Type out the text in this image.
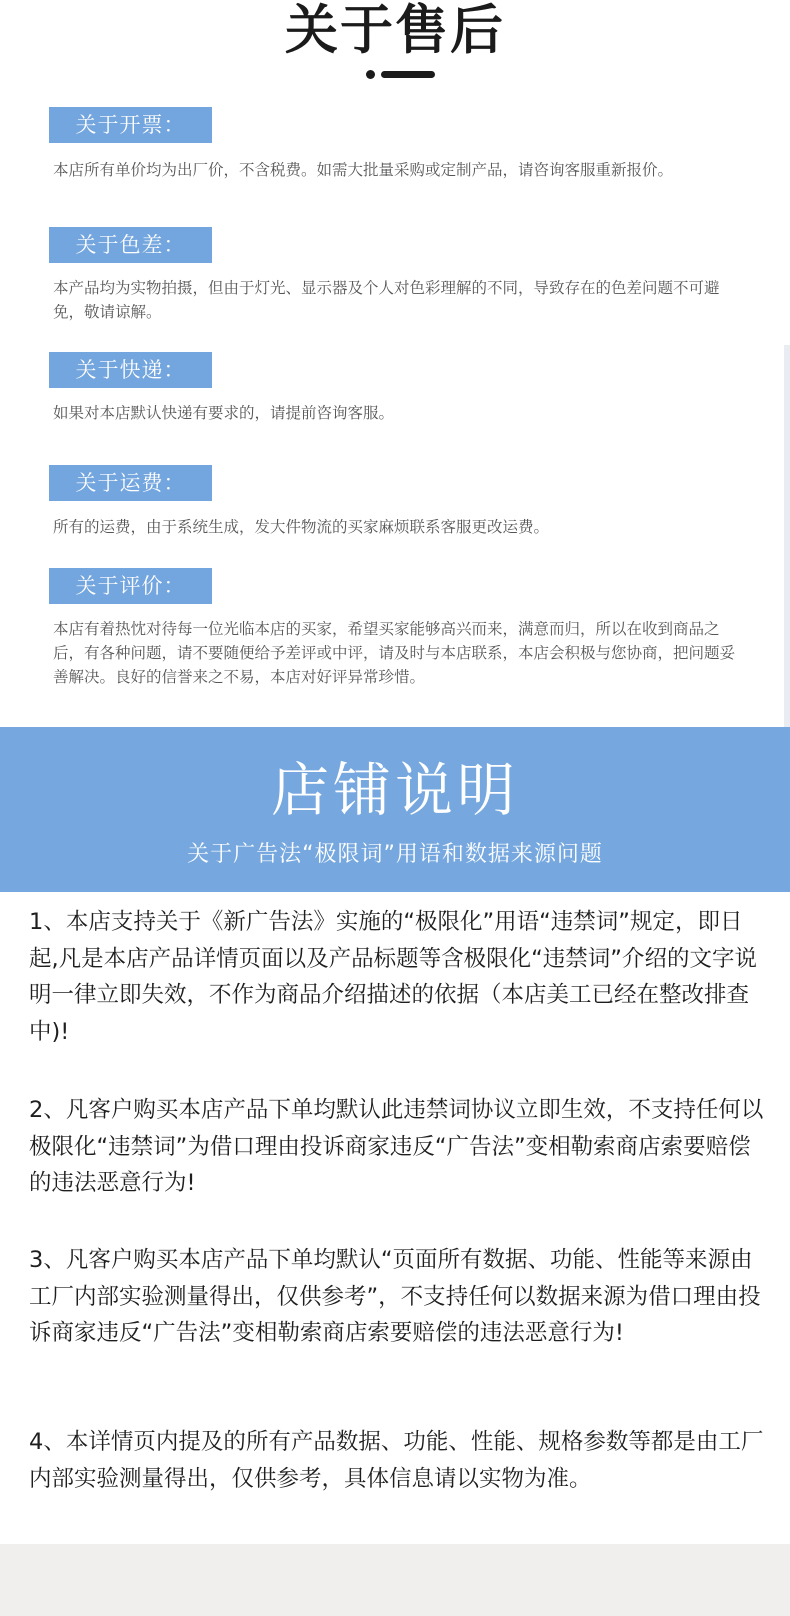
关于售后
关于开票：

本店所有单价均为出厂价，不含税费。如需大批量采购或定制产品，请咨询客服重新报价。

关于色差：

本产品均为实物拍摄，但由于灯光、显示器及个人对色彩理解的不同，导致存在的色差问题不可避免，敬请谅解。

关于快递：

如果对本店默认快递有要求的，请提前咨询客服。

关于运费：

所有的运费，由于系统生成，发大件物流的买家麻烦联系客服更改运费。

关于评价：

本店有着热忱对待每一位光临本店的买家，希望买家能够高兴而来，满意而归，所以在收到商品之后，有各种问题，请不要随便给予差评或中评，请及时与本店联系，本店会积极与您协商，把问题妥善解决。良好的信誉来之不易，本店对好评异常珍惜。

店铺说明
关于广告法“极限词”用语和数据来源问题

1、本店支持关于《新广告法》实施的“极限化”用语“违禁词”规定，即日起,凡是本店产品详情页面以及产品标题等含极限化“违禁词”介绍的文字说明一律立即失效，不作为商品介绍描述的依据（本店美工已经在整改排查中)!

2、凡客户购买本店产品下单均默认此违禁词协议立即生效，不支持任何以极限化“违禁词”为借口理由投诉商家违反“广告法”变相勒索商店索要赔偿的违法恶意行为!

3、凡客户购买本店产品下单均默认“页面所有数据、功能、性能等来源由工厂内部实验测量得出，仅供参考”，不支持任何以数据来源为借口理由投诉商家违反“广告法”变相勒索商店索要赔偿的违法恶意行为!

4、本详情页内提及的所有产品数据、功能、性能、规格参数等都是由工厂内部实验测量得出，仅供参考，具体信息请以实物为准。
